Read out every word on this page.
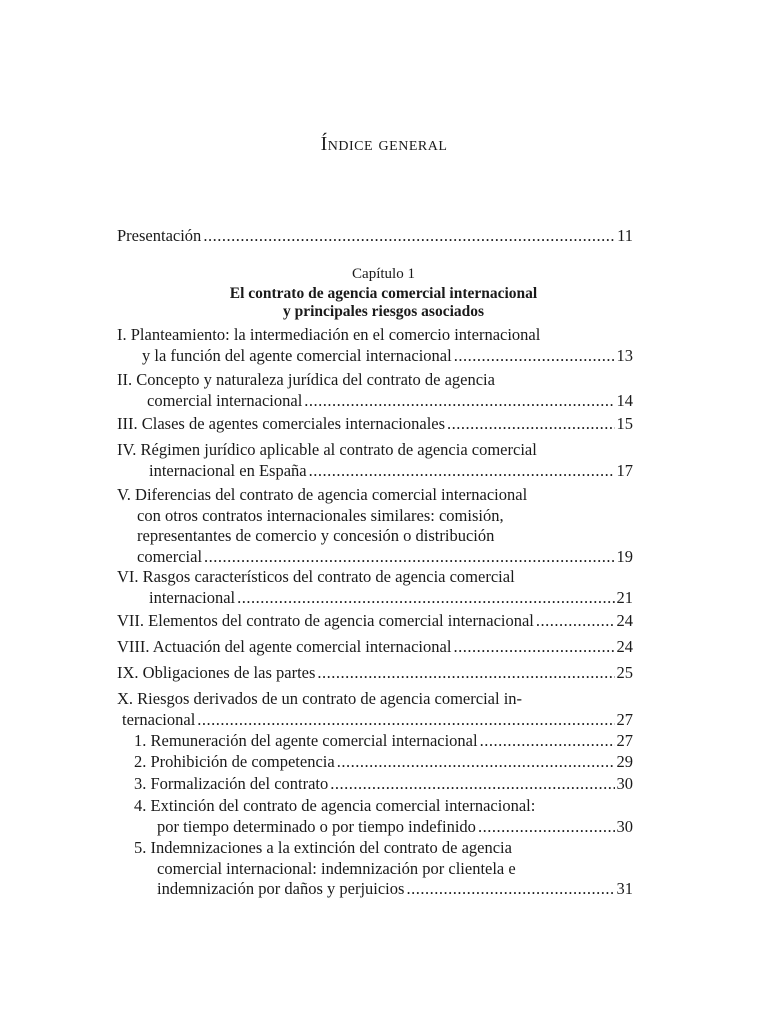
Índice general
Presentación .....	11
Capítulo 1
El contrato de agencia comercial internacional
y principales riesgos asociados
I. Planteamiento: la intermediación en el comercio internacional
y la función del agente comercial internacional .....	13
II. Concepto y naturaleza jurídica del contrato de agencia
comercial internacional .....	14
III. Clases de agentes comerciales internacionales .....	15
IV. Régimen jurídico aplicable al contrato de agencia comercial
internacional en España .....	17
V. Diferencias del contrato de agencia comercial internacional
con otros contratos internacionales similares: comisión,
representantes de comercio y concesión o distribución
comercial .....	19
VI. Rasgos característicos del contrato de agencia comercial
internacional .....	21
VII. Elementos del contrato de agencia comercial internacional .....	24
VIII. Actuación del agente comercial internacional .....	24
IX. Obligaciones de las partes .....	25
X. Riesgos derivados de un contrato de agencia comercial in-
ternacional .....	27
1. Remuneración del agente comercial internacional .....	27
2. Prohibición de competencia .....	29
3. Formalización del contrato .....	30
4. Extinción del contrato de agencia comercial internacional:
por tiempo determinado o por tiempo indefinido .....	30
5. Indemnizaciones a la extinción del contrato de agencia
comercial internacional: indemnización por clientela e
indemnización por daños y perjuicios .....	31
